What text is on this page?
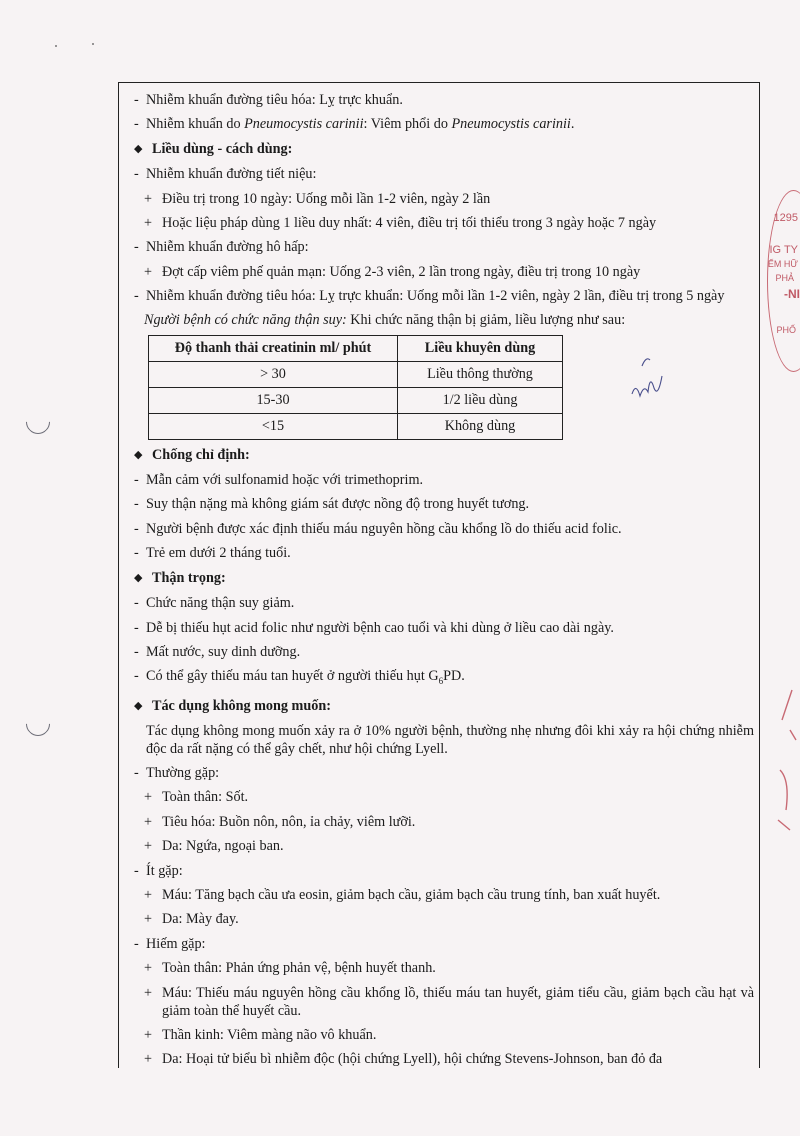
1295
IG TY
ẾM HỮ
PHẢ
-NI
PHỐ
- Nhiễm khuẩn đường tiêu hóa: Lỵ trực khuẩn.
- Nhiễm khuẩn do Pneumocystis carinii: Viêm phổi do Pneumocystis carinii.
◆ Liều dùng - cách dùng:
- Nhiễm khuẩn đường tiết niệu:
+ Điều trị trong 10 ngày: Uống mỗi lần 1-2 viên, ngày 2 lần
+ Hoặc liệu pháp dùng 1 liều duy nhất: 4 viên, điều trị tối thiểu trong 3 ngày hoặc 7 ngày
- Nhiễm khuẩn đường hô hấp:
+ Đợt cấp viêm phế quản mạn: Uống 2-3 viên, 2 lần trong ngày, điều trị trong 10 ngày
- Nhiễm khuẩn đường tiêu hóa: Lỵ trực khuẩn: Uống mỗi lần 1-2 viên, ngày 2 lần, điều trị trong 5 ngày
Người bệnh có chức năng thận suy: Khi chức năng thận bị giảm, liều lượng như sau:
Độ thanh thải creatinin ml/ phút	Liều khuyên dùng
> 30	Liều thông thường
15-30	1/2 liều dùng
<15	Không dùng
◆ Chống chỉ định:
- Mẫn cảm với sulfonamid hoặc với trimethoprim.
- Suy thận nặng mà không giám sát được nồng độ trong huyết tương.
- Người bệnh được xác định thiếu máu nguyên hồng cầu khổng lồ do thiếu acid folic.
- Trẻ em dưới 2 tháng tuổi.
◆ Thận trọng:
- Chức năng thận suy giảm.
- Dễ bị thiếu hụt acid folic như người bệnh cao tuổi và khi dùng ở liều cao dài ngày.
- Mất nước, suy dinh dưỡng.
- Có thể gây thiếu máu tan huyết ở người thiếu hụt $G_6PD$.
◆ Tác dụng không mong muốn:
Tác dụng không mong muốn xảy ra ở 10% người bệnh, thường nhẹ nhưng đôi khi xảy ra hội chứng nhiễm độc da rất nặng có thể gây chết, như hội chứng Lyell.
- Thường gặp:
+ Toàn thân: Sốt.
+ Tiêu hóa: Buồn nôn, nôn, ỉa chảy, viêm lưỡi.
+ Da: Ngứa, ngoại ban.
- Ít gặp:
+ Máu: Tăng bạch cầu ưa eosin, giảm bạch cầu, giảm bạch cầu trung tính, ban xuất huyết.
+ Da: Mày đay.
- Hiếm gặp:
+ Toàn thân: Phản ứng phản vệ, bệnh huyết thanh.
+ Máu: Thiếu máu nguyên hồng cầu khổng lồ, thiếu máu tan huyết, giảm tiểu cầu, giảm bạch cầu hạt và giảm toàn thể huyết cầu.
+ Thần kinh: Viêm màng não vô khuẩn.
+ Da: Hoại tử biểu bì nhiễm độc (hội chứng Lyell), hội chứng Stevens-Johnson, ban đỏ đa
